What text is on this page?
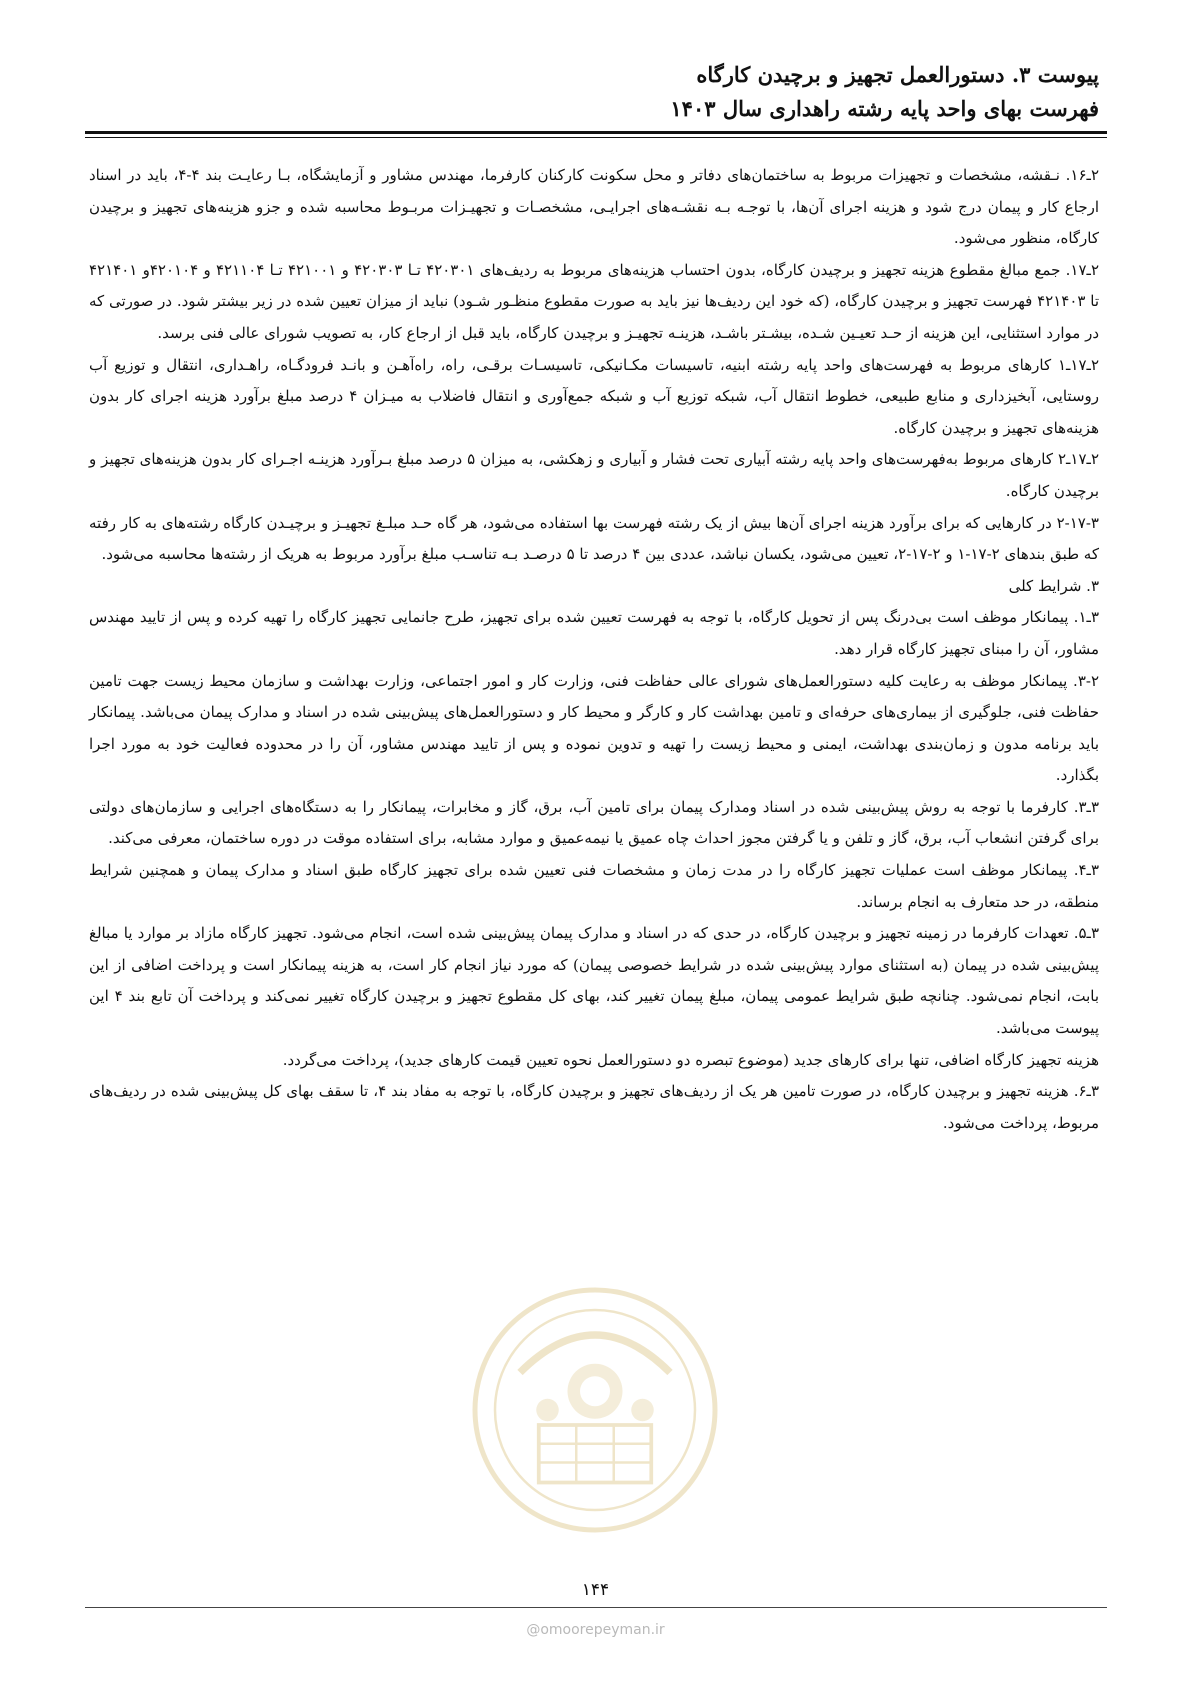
پیوست ۳. دستورالعمل تجهیز و برچیدن کارگاه
فهرست بهای واحد پایه رشته راهداری سال ۱۴۰۳

۲ـ۱۶. نـقشه، مشخصات و تجهیزات مربوط به ساختمان‌های دفاتر و محل سکونت کارکنان کارفرما، مهندس مشاور و آزمایشگاه، بـا رعایـت بند ۴-۴، باید در اسناد ارجاع کار و پیمان درج شود و هزینه اجرای آن‌ها، با توجـه بـه نقشـه‌های اجرایـی، مشخصـات و تجهیـزات مربـوط محاسبه شده و جزو هزینه‌های تجهیز و برچیدن کارگاه، منظور می‌شود.

۲ـ۱۷. جمع مبالغ مقطوع هزینه تجهیز و برچیدن کارگاه، بدون احتساب هزینه‌های مربوط به ردیف‌های ۴۲۰۳۰۱ تـا ۴۲۰۳۰۳ و ۴۲۱۰۰۱ تـا ۴۲۱۱۰۴ و ۴۲۰۱۰۴و ۴۲۱۴۰۱ تا ۴۲۱۴۰۳ فهرست تجهیز و برچیدن کارگاه، (که خود این ردیف‌ها نیز باید به صورت مقطوع منظـور شـود) نباید از میزان تعیین شده در زیر بیشتر شود. در صورتی که در موارد استثنایی، این هزینه از حـد تعیـین شـده، بیشـتر باشـد، هزینـه تجهیـز و برچیدن کارگاه، باید قبل از ارجاع کار، به تصویب شورای عالی فنی برسد.

۲ـ۱۷ـ۱ کارهای مربوط به فهرست‌های واحد پایه رشته ابنیه، تاسیسات مکـانیکی، تاسیسـات برقـی، راه، راه‌آهـن و بانـد فرودگـاه، راهـداری، انتقال و توزیع آب روستایی، آبخیزداری و منابع طبیعی، خطوط انتقال آب، شبکه توزیع آب و شبکه جمع‌آوری و انتقال فاضلاب به میـزان ۴ درصد مبلغ برآورد هزینه اجرای کار بدون هزینه‌های تجهیز و برچیدن کارگاه.

۲ـ۱۷ـ۲ کارهای مربوط به‌فهرست‌های واحد پایه رشته آبیاری تحت فشار و آبیاری و زهکشی، به میزان ۵ درصد مبلغ بـرآورد هزینـه اجـرای کار بدون هزینه‌های تجهیز و برچیدن کارگاه.

۲-۱۷-۳ در کارهایی که برای برآورد هزینه اجرای آن‌ها بیش از یک رشته فهرست بها استفاده می‌شود، هر گاه حـد مبلـغ تجهیـز و برچیـدن کارگاه رشته‌های به کار رفته که طبق بندهای ۲-۱۷-۱ و ۲-۱۷-۲، تعیین می‌شود، یکسان نباشد، عددی بین ۴ درصد تا ۵ درصـد بـه تناسـب مبلغ برآورد مربوط به هریک از رشته‌ها محاسبه می‌شود.

۳. شرایط کلی

۳ـ۱. پیمانکار موظف است بی‌درنگ پس از تحویل کارگاه، با توجه به فهرست تعیین شده برای تجهیز، طرح جانمایی تجهیز کارگاه را تهیه کرده و پس از تایید مهندس مشاور، آن را مبنای تجهیز کارگاه قرار دهد.

۳-۲. پیمانکار موظف به رعایت کلیه دستورالعمل‌های شورای عالی حفاظت فنی، وزارت کار و امور اجتماعی، وزارت بهداشت و سازمان محیط زیست جهت تامین حفاظت فنی، جلوگیری از بیماری‌های حرفه‌ای و تامین بهداشت کار و کارگر و محیط کار و دستورالعمل‌های پیش‌بینی شده در اسناد و مدارک پیمان می‌باشد. پیمانکار باید برنامه مدون و زمان‌بندی بهداشت، ایمنی و محیط زیست را تهیه و تدوین نموده و پس از تایید مهندس مشاور، آن را در محدوده فعالیت خود به مورد اجرا بگذارد.

۳ـ۳. کارفرما با توجه به روش پیش‌بینی شده در اسناد ومدارک پیمان برای تامین آب، برق، گاز و مخابرات، پیمانکار را به دستگاه‌های اجرایی و سازمان‌های دولتی برای گرفتن انشعاب آب، برق، گاز و تلفن و یا گرفتن مجوز احداث چاه عمیق یا نیمه‌عمیق و موارد مشابه، برای استفاده موقت در دوره ساختمان، معرفی می‌کند.

۳ـ۴. پیمانکار موظف است عملیات تجهیز کارگاه را در مدت زمان و مشخصات فنی تعیین شده برای تجهیز کارگاه طبق اسناد و مدارک پیمان و همچنین شرایط منطقه، در حد متعارف به انجام برساند.

۳ـ۵. تعهدات کارفرما در زمینه تجهیز و برچیدن کارگاه، در حدی که در اسناد و مدارک پیمان پیش‌بینی شده است، انجام می‌شود. تجهیز کارگاه مازاد بر موارد یا مبالغ پیش‌بینی شده در پیمان (به استثنای موارد پیش‌بینی شده در شرایط خصوصی پیمان) که مورد نیاز انجام کار است، به هزینه پیمانکار است و پرداخت اضافی از این بابت، انجام نمی‌شود. چنانچه طبق شرایط عمومی پیمان، مبلغ پیمان تغییر کند، بهای کل مقطوع تجهیز و برچیدن کارگاه تغییر نمی‌کند و پرداخت آن تابع بند ۴ این پیوست می‌باشد.

هزینه تجهیز کارگاه اضافی، تنها برای کارهای جدید (موضوع تبصره دو دستورالعمل نحوه تعیین قیمت کارهای جدید)، پرداخت می‌گردد.

۳ـ۶. هزینه تجهیز و برچیدن کارگاه، در صورت تامین هر یک از ردیف‌های تجهیز و برچیدن کارگاه، با توجه به مفاد بند ۴، تا سقف بهای کل پیش‌بینی شده در ردیف‌های مربوط، پرداخت می‌شود.

۱۴۴
@omoorepeyman.ir
